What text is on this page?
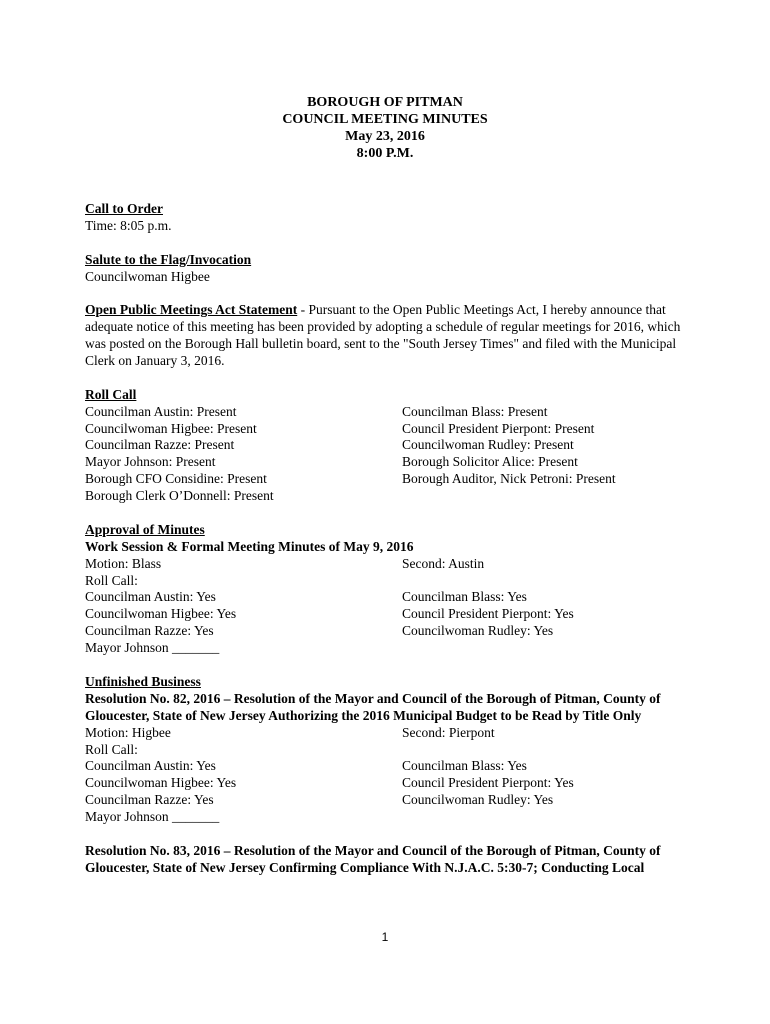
BOROUGH OF PITMAN
COUNCIL MEETING MINUTES
May 23, 2016
8:00 P.M.
Call to Order
Time: 8:05 p.m.
Salute to the Flag/Invocation
Councilwoman Higbee
Open Public Meetings Act Statement - Pursuant to the Open Public Meetings Act, I hereby announce that
adequate notice of this meeting has been provided by adopting a schedule of regular meetings for 2016, which
was posted on the Borough Hall bulletin board, sent to the "South Jersey Times" and filed with the Municipal
Clerk on January 3, 2016.
Roll Call
Councilman Austin: Present	Councilman Blass: Present
Councilwoman Higbee: Present	Council President Pierpont: Present
Councilman Razze: Present	Councilwoman Rudley: Present
Mayor Johnson: Present	Borough Solicitor Alice: Present
Borough CFO Considine: Present	Borough Auditor, Nick Petroni: Present
Borough Clerk O’Donnell: Present
Approval of Minutes
Work Session & Formal Meeting Minutes of May 9, 2016
Motion: Blass	Second: Austin
Roll Call:
Councilman Austin: Yes	Councilman Blass: Yes
Councilwoman Higbee: Yes	Council President Pierpont: Yes
Councilman Razze: Yes	Councilwoman Rudley: Yes
Mayor Johnson _______
Unfinished Business
Resolution No. 82, 2016 – Resolution of the Mayor and Council of the Borough of Pitman, County of
Gloucester, State of New Jersey Authorizing the 2016 Municipal Budget to be Read by Title Only
Motion: Higbee	Second: Pierpont
Roll Call:
Councilman Austin: Yes	Councilman Blass: Yes
Councilwoman Higbee: Yes	Council President Pierpont: Yes
Councilman Razze: Yes	Councilwoman Rudley: Yes
Mayor Johnson _______
Resolution No. 83, 2016 – Resolution of the Mayor and Council of the Borough of Pitman, County of
Gloucester, State of New Jersey Confirming Compliance With N.J.A.C. 5:30-7; Conducting Local
1
